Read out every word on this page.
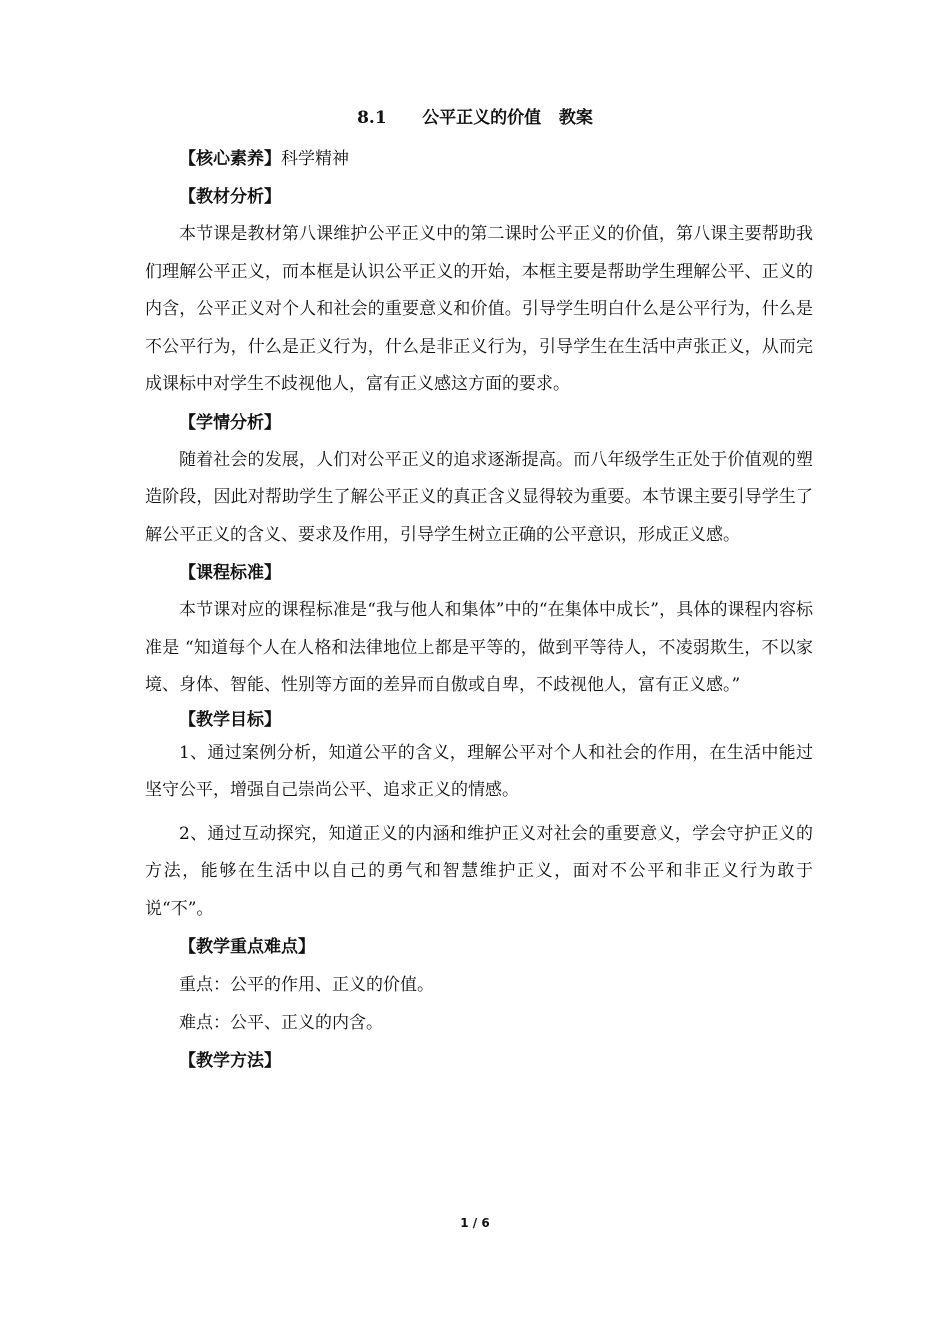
8.1      公平正义的价值   教案

【核心素养】科学精神

【教材分析】

本节课是教材第八课维护公平正义中的第二课时公平正义的价值，第八课主要帮助我们理解公平正义，而本框是认识公平正义的开始，本框主要是帮助学生理解公平、正义的内含，公平正义对个人和社会的重要意义和价值。引导学生明白什么是公平行为，什么是不公平行为，什么是正义行为，什么是非正义行为，引导学生在生活中声张正义，从而完成课标中对学生不歧视他人，富有正义感这方面的要求。

【学情分析】

随着社会的发展，人们对公平正义的追求逐渐提高。而八年级学生正处于价值观的塑造阶段，因此对帮助学生了解公平正义的真正含义显得较为重要。本节课主要引导学生了解公平正义的含义、要求及作用，引导学生树立正确的公平意识，形成正义感。

【课程标准】

本节课对应的课程标准是“我与他人和集体”中的“在集体中成长”，具体的课程内容标准是 “知道每个人在人格和法律地位上都是平等的，做到平等待人，不凌弱欺生，不以家境、身体、智能、性别等方面的差异而自傲或自卑，不歧视他人，富有正义感。”

【教学目标】

1、通过案例分析，知道公平的含义，理解公平对个人和社会的作用，在生活中能过坚守公平，增强自己崇尚公平、追求正义的情感。

2、通过互动探究，知道正义的内涵和维护正义对社会的重要意义，学会守护正义的方法，能够在生活中以自己的勇气和智慧维护正义，面对不公平和非正义行为敢于说“不”。

【教学重点难点】

重点：公平的作用、正义的价值。

难点：公平、正义的内含。

【教学方法】

1 / 6
